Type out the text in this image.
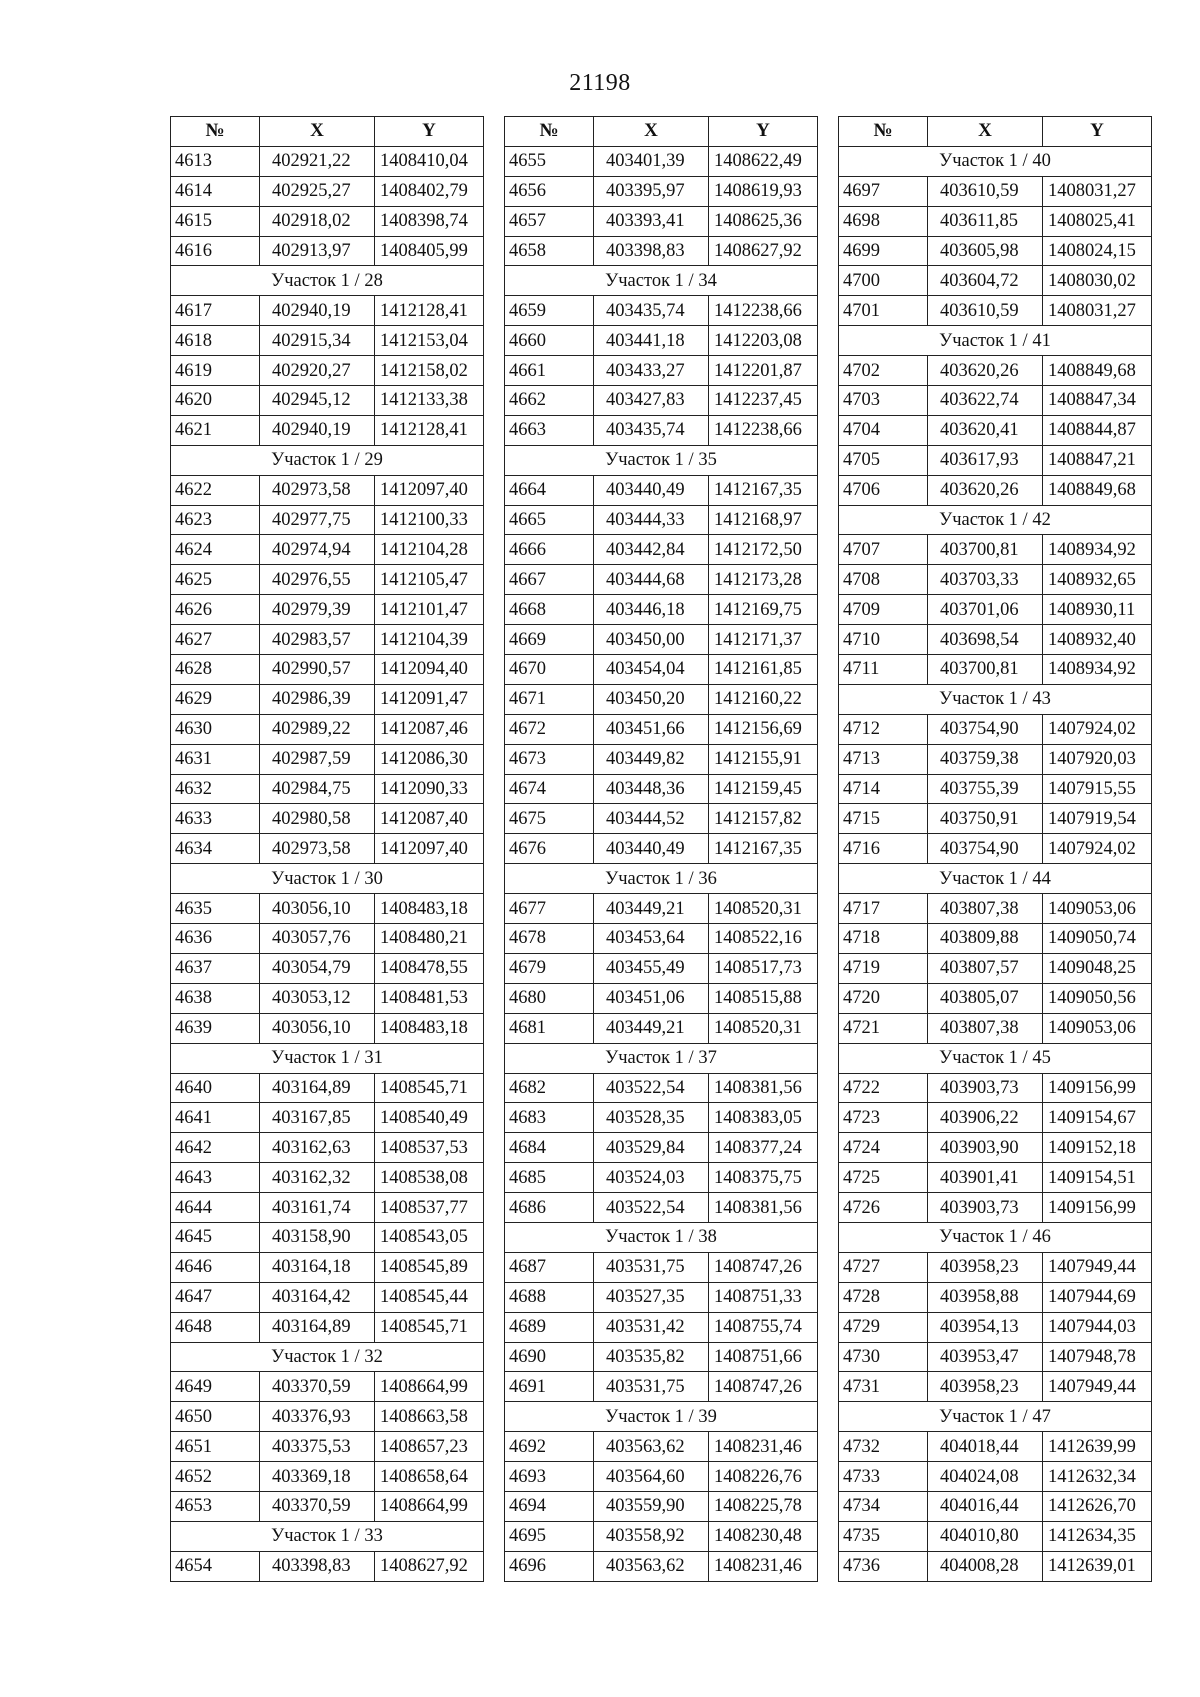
21198
№	X	Y
4613	402921,22	1408410,04
4614	402925,27	1408402,79
4615	402918,02	1408398,74
4616	402913,97	1408405,99
Участок 1 / 28		
4617	402940,19	1412128,41
4618	402915,34	1412153,04
4619	402920,27	1412158,02
4620	402945,12	1412133,38
4621	402940,19	1412128,41
Участок 1 / 29		
4622	402973,58	1412097,40
4623	402977,75	1412100,33
4624	402974,94	1412104,28
4625	402976,55	1412105,47
4626	402979,39	1412101,47
4627	402983,57	1412104,39
4628	402990,57	1412094,40
4629	402986,39	1412091,47
4630	402989,22	1412087,46
4631	402987,59	1412086,30
4632	402984,75	1412090,33
4633	402980,58	1412087,40
4634	402973,58	1412097,40
Участок 1 / 30		
4635	403056,10	1408483,18
4636	403057,76	1408480,21
4637	403054,79	1408478,55
4638	403053,12	1408481,53
4639	403056,10	1408483,18
Участок 1 / 31		
4640	403164,89	1408545,71
4641	403167,85	1408540,49
4642	403162,63	1408537,53
4643	403162,32	1408538,08
4644	403161,74	1408537,77
4645	403158,90	1408543,05
4646	403164,18	1408545,89
4647	403164,42	1408545,44
4648	403164,89	1408545,71
Участок 1 / 32		
4649	403370,59	1408664,99
4650	403376,93	1408663,58
4651	403375,53	1408657,23
4652	403369,18	1408658,64
4653	403370,59	1408664,99
Участок 1 / 33		
4654	403398,83	1408627,92
№	X	Y
4655	403401,39	1408622,49
4656	403395,97	1408619,93
4657	403393,41	1408625,36
4658	403398,83	1408627,92
Участок 1 / 34		
4659	403435,74	1412238,66
4660	403441,18	1412203,08
4661	403433,27	1412201,87
4662	403427,83	1412237,45
4663	403435,74	1412238,66
Участок 1 / 35		
4664	403440,49	1412167,35
4665	403444,33	1412168,97
4666	403442,84	1412172,50
4667	403444,68	1412173,28
4668	403446,18	1412169,75
4669	403450,00	1412171,37
4670	403454,04	1412161,85
4671	403450,20	1412160,22
4672	403451,66	1412156,69
4673	403449,82	1412155,91
4674	403448,36	1412159,45
4675	403444,52	1412157,82
4676	403440,49	1412167,35
Участок 1 / 36		
4677	403449,21	1408520,31
4678	403453,64	1408522,16
4679	403455,49	1408517,73
4680	403451,06	1408515,88
4681	403449,21	1408520,31
Участок 1 / 37		
4682	403522,54	1408381,56
4683	403528,35	1408383,05
4684	403529,84	1408377,24
4685	403524,03	1408375,75
4686	403522,54	1408381,56
Участок 1 / 38		
4687	403531,75	1408747,26
4688	403527,35	1408751,33
4689	403531,42	1408755,74
4690	403535,82	1408751,66
4691	403531,75	1408747,26
Участок 1 / 39		
4692	403563,62	1408231,46
4693	403564,60	1408226,76
4694	403559,90	1408225,78
4695	403558,92	1408230,48
4696	403563,62	1408231,46
№	X	Y
Участок 1 / 40		
4697	403610,59	1408031,27
4698	403611,85	1408025,41
4699	403605,98	1408024,15
4700	403604,72	1408030,02
4701	403610,59	1408031,27
Участок 1 / 41		
4702	403620,26	1408849,68
4703	403622,74	1408847,34
4704	403620,41	1408844,87
4705	403617,93	1408847,21
4706	403620,26	1408849,68
Участок 1 / 42		
4707	403700,81	1408934,92
4708	403703,33	1408932,65
4709	403701,06	1408930,11
4710	403698,54	1408932,40
4711	403700,81	1408934,92
Участок 1 / 43		
4712	403754,90	1407924,02
4713	403759,38	1407920,03
4714	403755,39	1407915,55
4715	403750,91	1407919,54
4716	403754,90	1407924,02
Участок 1 / 44		
4717	403807,38	1409053,06
4718	403809,88	1409050,74
4719	403807,57	1409048,25
4720	403805,07	1409050,56
4721	403807,38	1409053,06
Участок 1 / 45		
4722	403903,73	1409156,99
4723	403906,22	1409154,67
4724	403903,90	1409152,18
4725	403901,41	1409154,51
4726	403903,73	1409156,99
Участок 1 / 46		
4727	403958,23	1407949,44
4728	403958,88	1407944,69
4729	403954,13	1407944,03
4730	403953,47	1407948,78
4731	403958,23	1407949,44
Участок 1 / 47		
4732	404018,44	1412639,99
4733	404024,08	1412632,34
4734	404016,44	1412626,70
4735	404010,80	1412634,35
4736	404008,28	1412639,01
